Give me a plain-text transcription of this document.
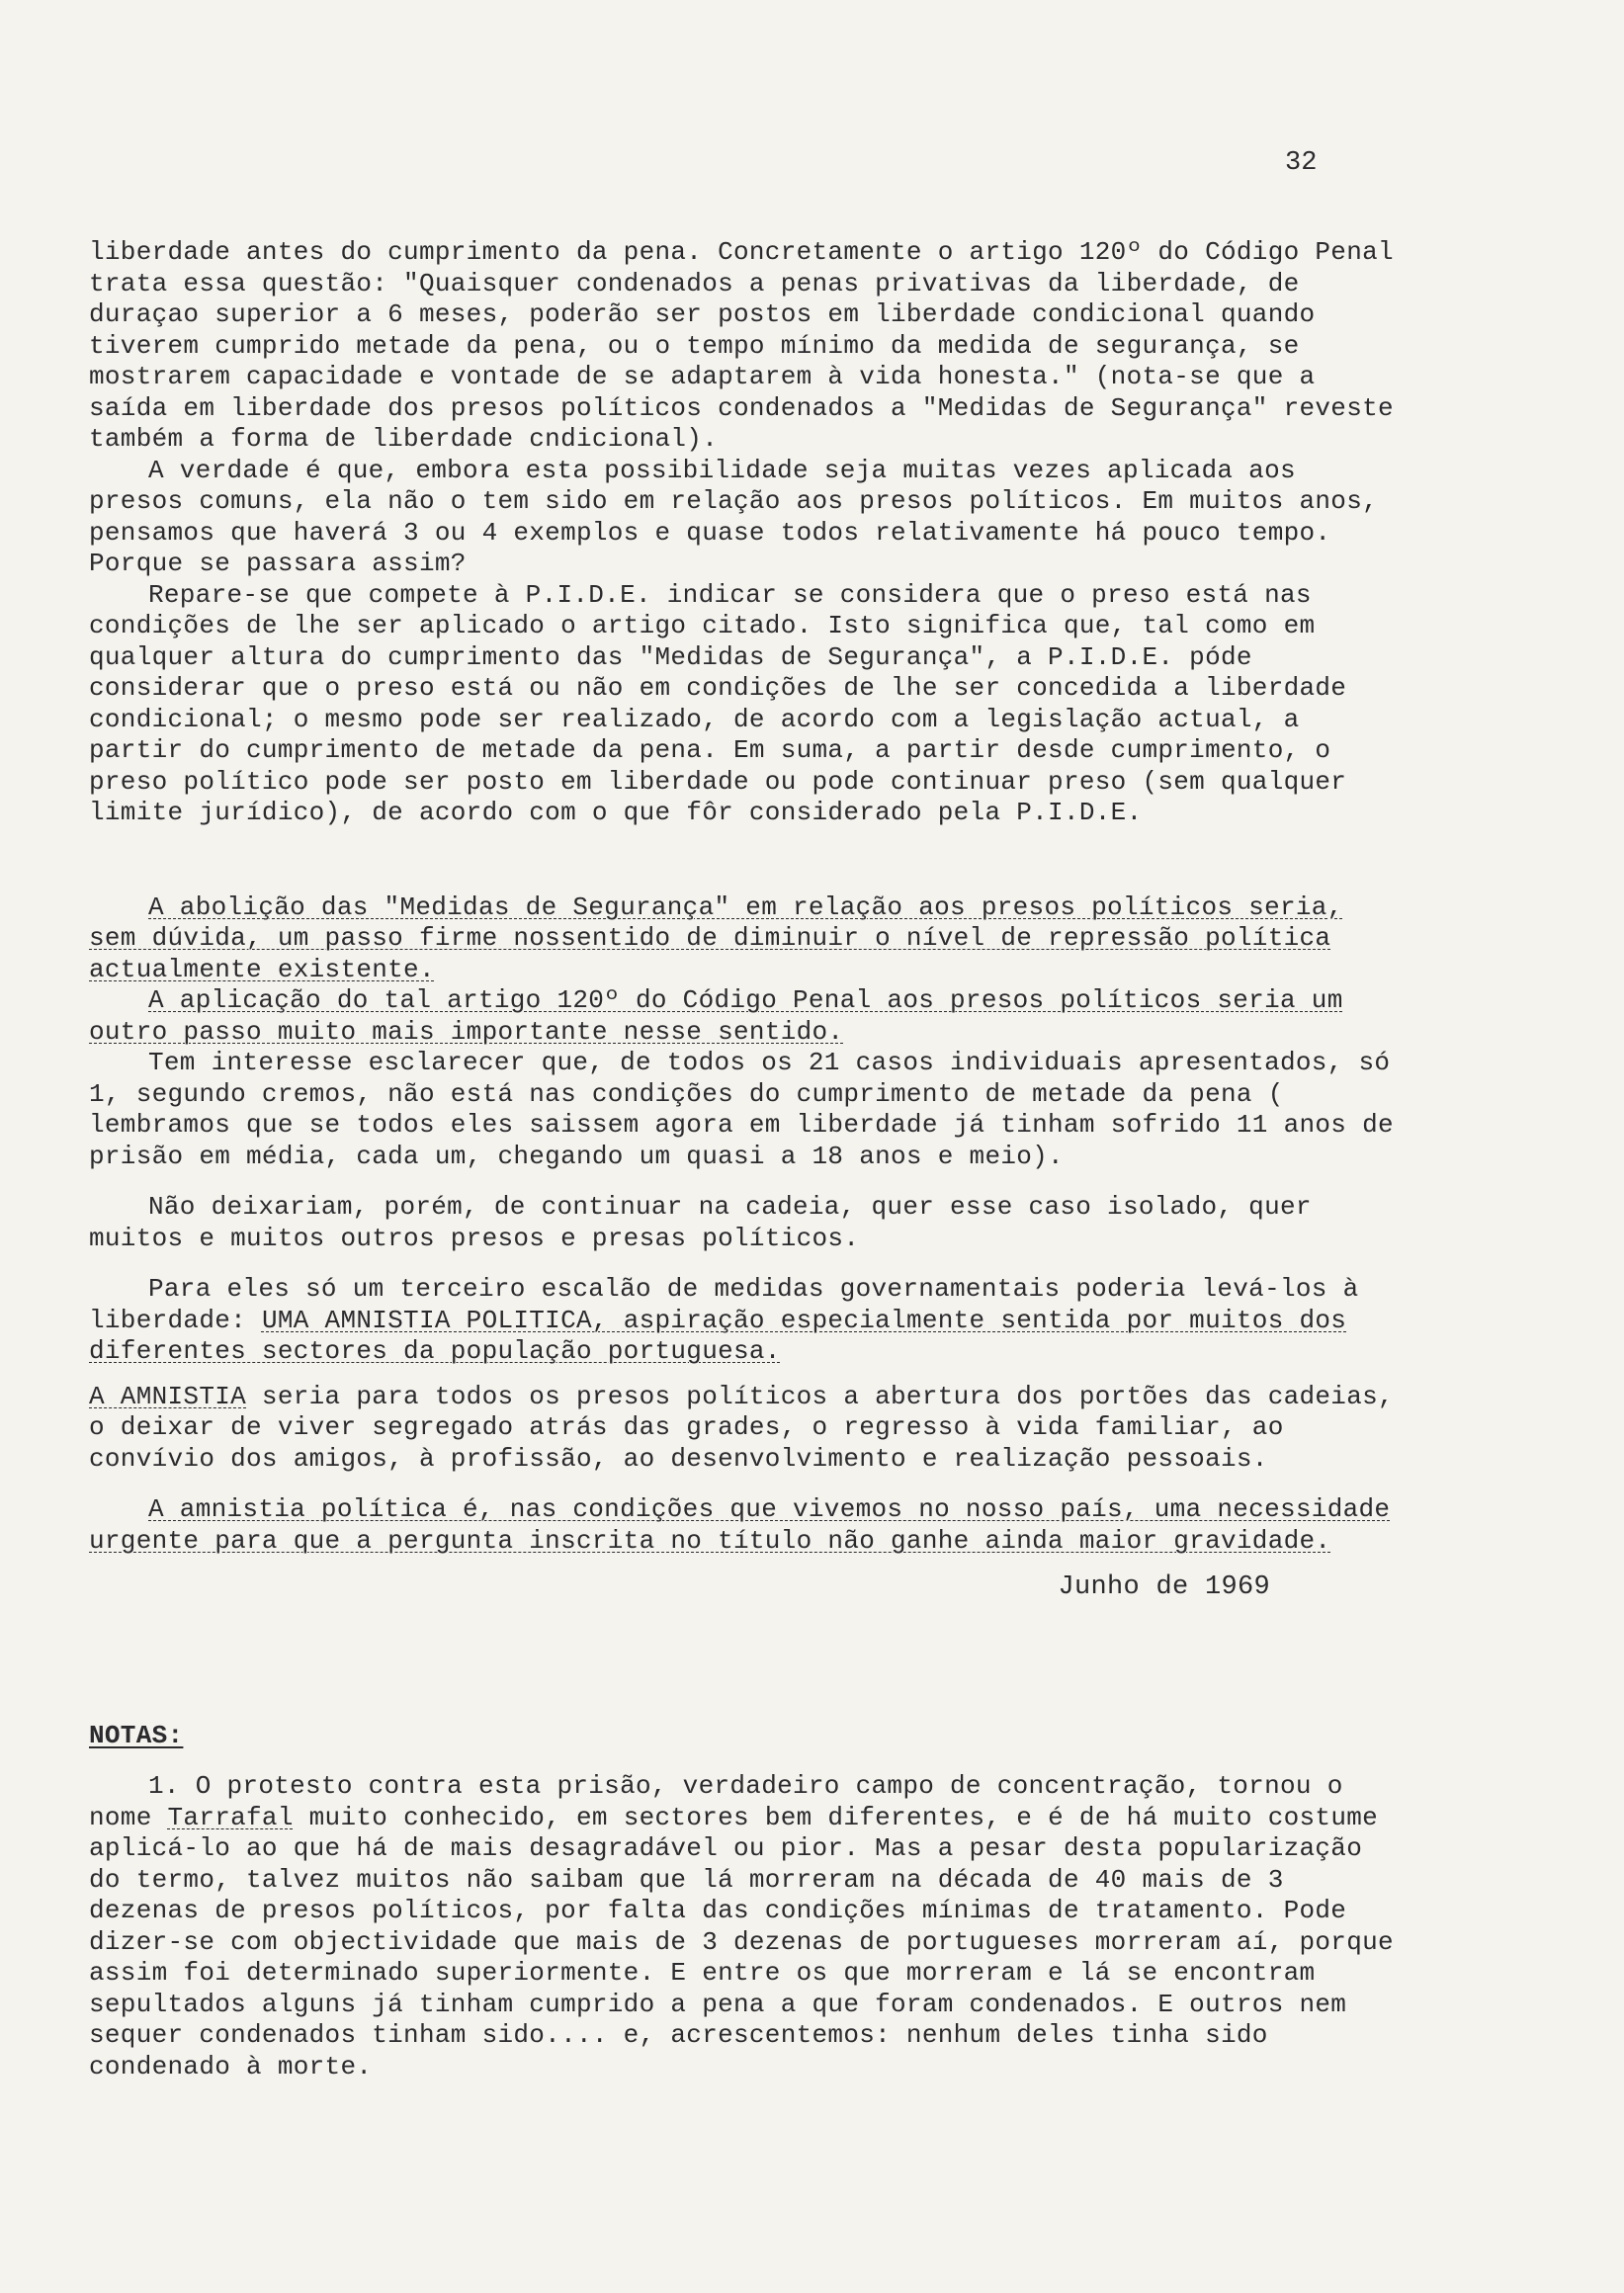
32

liberdade antes do cumprimento da pena. Concretamente o artigo 120º do Código Penal trata essa questão: "Quaisquer condenados a penas privativas da liberdade, de duraçao superior a 6 meses, poderão ser postos em liberdade condicional quando tiverem cumprido metade da pena, ou o tempo mínimo da medida de segurança, se mostrarem capacidade e vontade de se adaptarem à vida honesta." (nota-se que a saída em liberdade dos presos políticos condenados a "Medidas de Segurança" reveste também a forma de liberdade cndicional).

A verdade é que, embora esta possibilidade seja muitas vezes aplicada aos presos comuns, ela não o tem sido em relação aos presos políticos. Em muitos anos, pensamos que haverá 3 ou 4 exemplos e quase todos relativamente há pouco tempo. Porque se passara assim?

Repare-se que compete à P.I.D.E. indicar se considera que o preso está nas condições de lhe ser aplicado o artigo citado. Isto significa que, tal como em qualquer altura do cumprimento das "Medidas de Segurança", a P.I.D.E. póde considerar que o preso está ou não em condições de lhe ser concedida a liberdade condicional; o mesmo pode ser realizado, de acordo com a legislação actual, a partir do cumprimento de metade da pena. Em suma, a partir desde cumprimento, o preso político pode ser posto em liberdade ou pode continuar preso (sem qualquer limite jurídico), de acordo com o que fôr considerado pela P.I.D.E.

A abolição das "Medidas de Segurança" em relação aos presos políticos seria, sem dúvida, um passo firme nossentido de diminuir o nível de repressão política actualmente existente.

A aplicação do tal artigo 120º do Código Penal aos presos políticos seria um outro passo muito mais importante nesse sentido.

Tem interesse esclarecer que, de todos os 21 casos individuais apresentados, só 1, segundo cremos, não está nas condições do cumprimento de metade da pena ( lembramos que se todos eles saissem agora em liberdade já tinham sofrido 11 anos de prisão em média, cada um, chegando um quasi a 18 anos e meio).

Não deixariam, porém, de continuar na cadeia, quer esse caso isolado, quer muitos e muitos outros presos e presas políticos.

Para eles só um terceiro escalão de medidas governamentais poderia levá-los à liberdade: UMA AMNISTIA POLITICA, aspiração especialmente sentida por muitos dos diferentes sectores da população portuguesa.

A AMNISTIA seria para todos os presos políticos a abertura dos portões das cadeias, o deixar de viver segregado atrás das grades, o regresso à vida familiar, ao convívio dos amigos, à profissão, ao desenvolvimento e realização pessoais.

A amnistia política é, nas condições que vivemos no nosso país, uma necessidade urgente para que a pergunta inscrita no título não ganhe ainda maior gravidade.

Junho de 1969
NOTAS:

1. O protesto contra esta prisão, verdadeiro campo de concentração, tornou o nome Tarrafal muito conhecido, em sectores bem diferentes, e é de há muito costume aplicá-lo ao que há de mais desagradável ou pior. Mas a pesar desta popularização do termo, talvez muitos não saibam que lá morreram na década de 40 mais de 3 dezenas de presos políticos, por falta das condições mínimas de tratamento. Pode dizer-se com objectividade que mais de 3 dezenas de portugueses morreram aí, porque assim foi determinado superiormente. E entre os que morreram e lá se encontram sepultados alguns já tinham cumprido a pena a que foram condenados. E outros nem sequer condenados tinham sido.... e, acrescentemos: nenhum deles tinha sido condenado à morte.
